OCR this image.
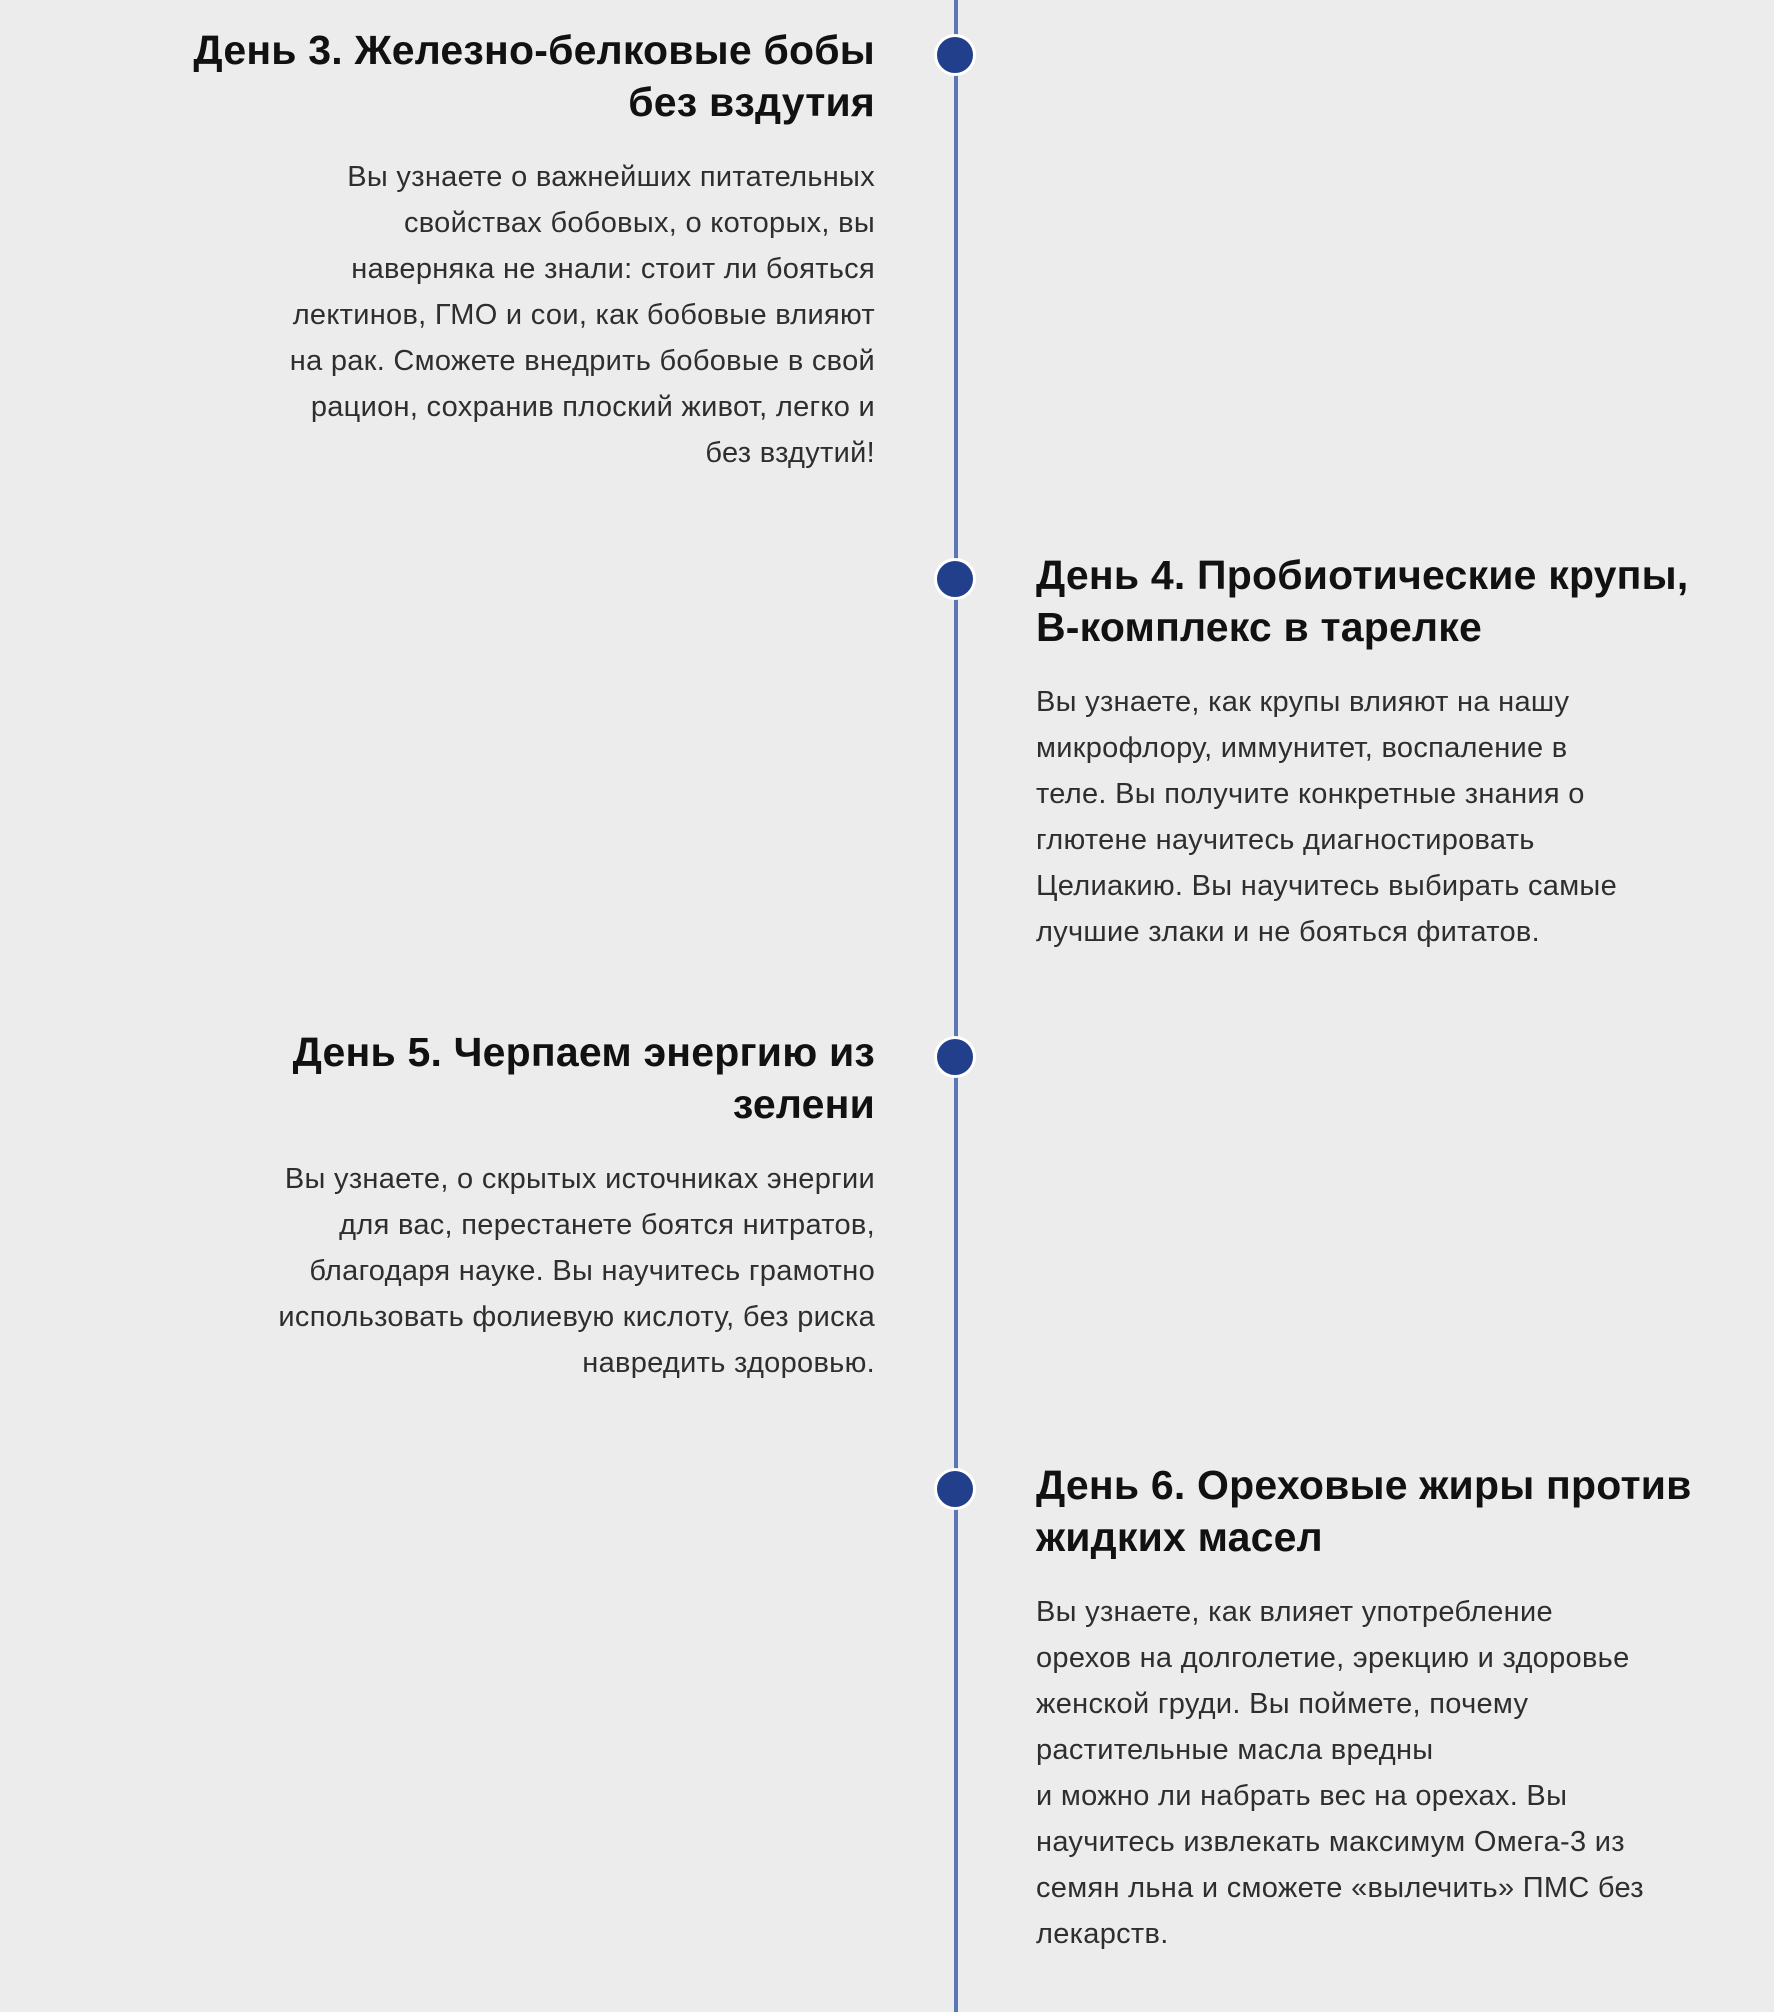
День 3. Железно-белковые бобы без вздутия

Вы узнаете о важнейших питательных
свойствах бобовых, о которых, вы
наверняка не знали: стоит ли бояться
лектинов, ГМО и сои, как бобовые влияют
на рак. Сможете внедрить бобовые в свой
рацион, сохранив плоский живот, легко и
без вздутий!

День 4. Пробиотические крупы, В-комплекс в тарелке

Вы узнаете, как крупы влияют на нашу
микрофлору, иммунитет, воспаление в
теле. Вы получите конкретные знания о
глютене научитесь диагностировать
Целиакию. Вы научитесь выбирать самые
лучшие злаки и не бояться фитатов.

День 5. Черпаем энергию из зелени

Вы узнаете, о скрытых источниках энергии
для вас, перестанете боятся нитратов,
благодаря науке. Вы научитесь грамотно
использовать фолиевую кислоту, без риска
навредить здоровью.

День 6. Ореховые жиры против жидких масел

Вы узнаете, как влияет употребление
орехов на долголетие, эрекцию и здоровье
женской груди. Вы поймете, почему
растительные масла вредны
и можно ли набрать вес на орехах. Вы
научитесь извлекать максимум Омега-3 из
семян льна и сможете «вылечить» ПМС без
лекарств.
